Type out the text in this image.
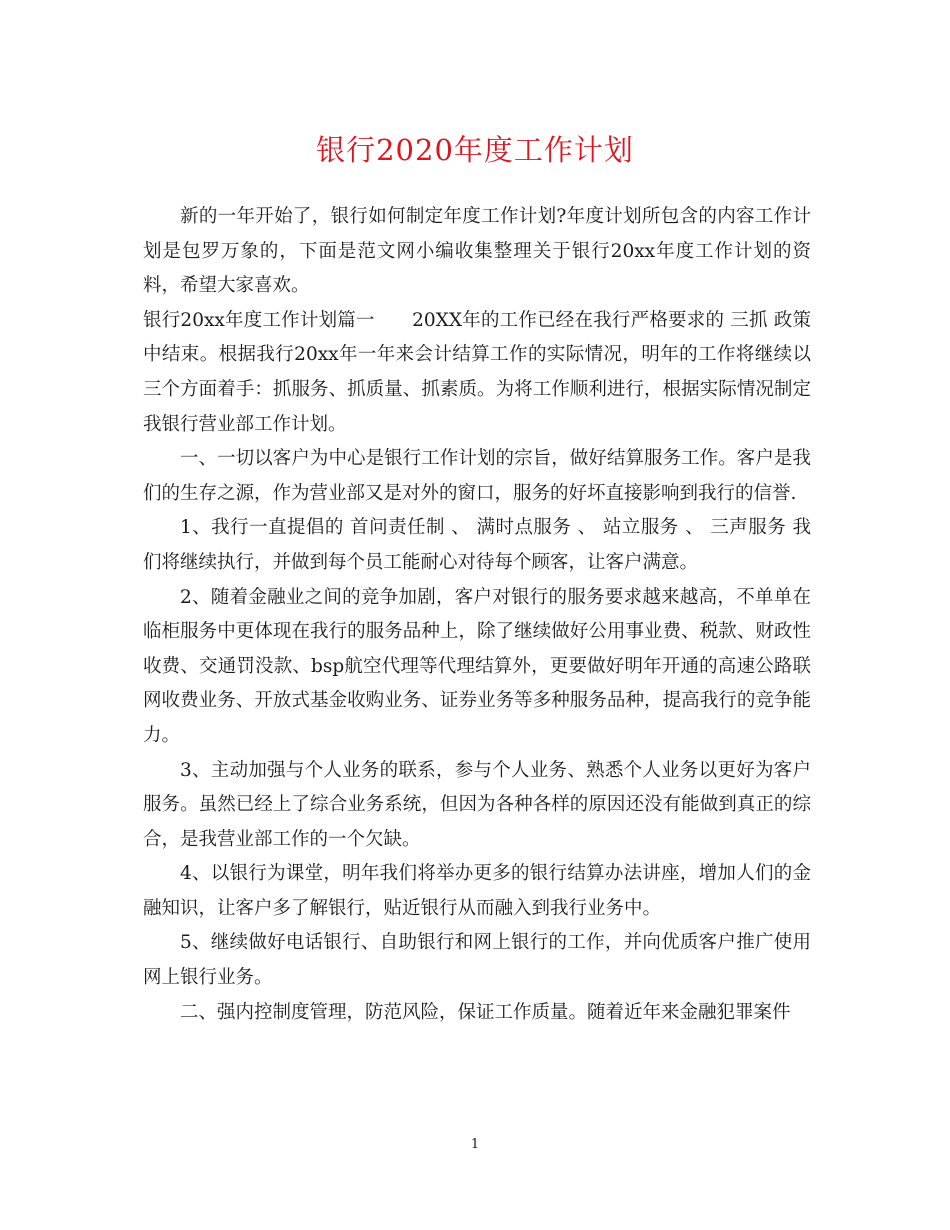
银行2020年度工作计划

新的一年开始了，银行如何制定年度工作计划?年度计划所包含的内容工作计划是包罗万象的，下面是范文网小编收集整理关于银行20xx年度工作计划的资料，希望大家喜欢。

银行20xx年度工作计划篇一　　20XX年的工作已经在我行严格要求的 三抓 政策中结束。根据我行20xx年一年来会计结算工作的实际情况，明年的工作将继续以三个方面着手：抓服务、抓质量、抓素质。为将工作顺利进行，根据实际情况制定我银行营业部工作计划。

一、一切以客户为中心是银行工作计划的宗旨，做好结算服务工作。客户是我们的生存之源，作为营业部又是对外的窗口，服务的好坏直接影响到我行的信誉.

1、我行一直提倡的 首问责任制 、 满时点服务 、 站立服务 、 三声服务 我们将继续执行，并做到每个员工能耐心对待每个顾客，让客户满意。

2、随着金融业之间的竞争加剧，客户对银行的服务要求越来越高，不单单在临柜服务中更体现在我行的服务品种上，除了继续做好公用事业费、税款、财政性收费、交通罚没款、bsp航空代理等代理结算外，更要做好明年开通的高速公路联网收费业务、开放式基金收购业务、证券业务等多种服务品种，提高我行的竞争能力。

3、主动加强与个人业务的联系，参与个人业务、熟悉个人业务以更好为客户服务。虽然已经上了综合业务系统，但因为各种各样的原因还没有能做到真正的综合，是我营业部工作的一个欠缺。

4、以银行为课堂，明年我们将举办更多的银行结算办法讲座，增加人们的金融知识，让客户多了解银行，贴近银行从而融入到我行业务中。

5、继续做好电话银行、自助银行和网上银行的工作，并向优质客户推广使用网上银行业务。

二、强内控制度管理，防范风险，保证工作质量。随着近年来金融犯罪案件

1
